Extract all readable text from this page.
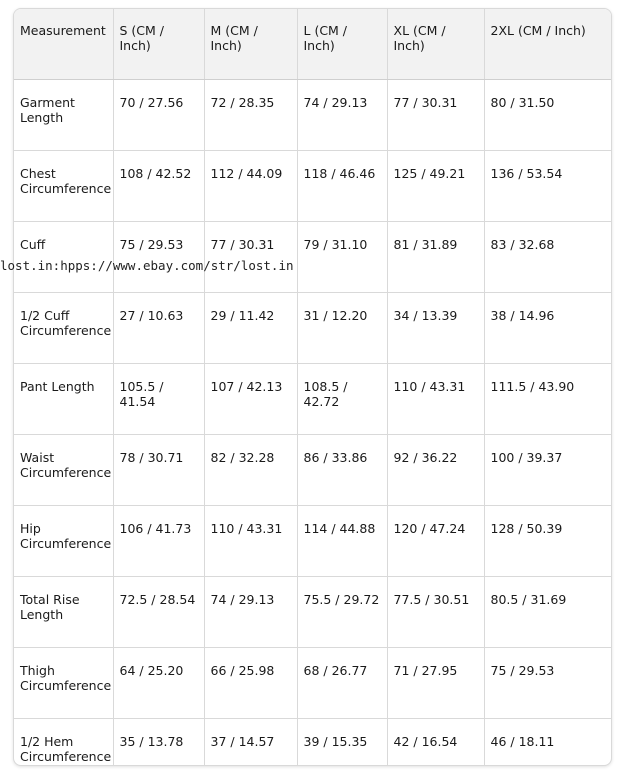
Measurement	S (CM / Inch)	M (CM / Inch)	L (CM / Inch)	XL (CM / Inch)	2XL (CM / Inch)
Garment Length	70 / 27.56	72 / 28.35	74 / 29.13	77 / 30.31	80 / 31.50
Chest Circumference	108 / 42.52	112 / 44.09	118 / 46.46	125 / 49.21	136 / 53.54
Cuff	75 / 29.53	77 / 30.31	79 / 31.10	81 / 31.89	83 / 32.68
1/2 Cuff Circumference	27 / 10.63	29 / 11.42	31 / 12.20	34 / 13.39	38 / 14.96
Pant Length	105.5 / 41.54	107 / 42.13	108.5 / 42.72	110 / 43.31	111.5 / 43.90
Waist Circumference	78 / 30.71	82 / 32.28	86 / 33.86	92 / 36.22	100 / 39.37
Hip Circumference	106 / 41.73	110 / 43.31	114 / 44.88	120 / 47.24	128 / 50.39
Total Rise Length	72.5 / 28.54	74 / 29.13	75.5 / 29.72	77.5 / 30.51	80.5 / 31.69
Thigh Circumference	64 / 25.20	66 / 25.98	68 / 26.77	71 / 27.95	75 / 29.53
1/2 Hem Circumference	35 / 13.78	37 / 14.57	39 / 15.35	42 / 16.54	46 / 18.11
lost.in:hpps://www.ebay.com/str/lost.in
